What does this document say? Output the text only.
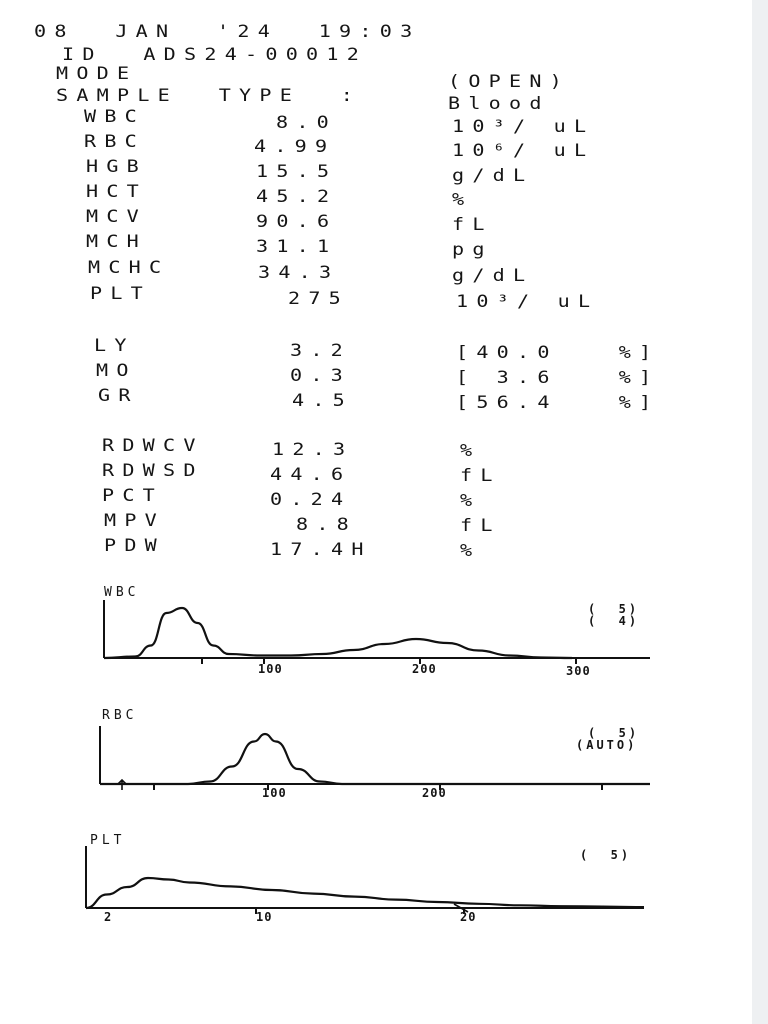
08  JAN  '24  19:03
ID  ADS24-00012
MODE	(OPEN)
SAMPLE  TYPE  :	Blood
WBC	8.0	10³/ uL
RBC	4.99	10⁶/ uL
HGB	15.5	g/dL
HCT	45.2	%
MCV	90.6	fL
MCH	31.1	pg
MCHC	34.3	g/dL
PLT	275	10³/ uL
LY	3.2	[40.0   %]
MO	0.3	[ 3.6   %]
GR	4.5	[56.4   %]
RDWCV	12.3	%
RDWSD	44.6	fL
PCT	0.24	%
MPV	8.8	fL
PDW	17.4H	%
WBC
(  5)
(  4)
100	200	300
RBC
(  5)
(AUTO)
100	200
PLT
(  5)
2	10	20
